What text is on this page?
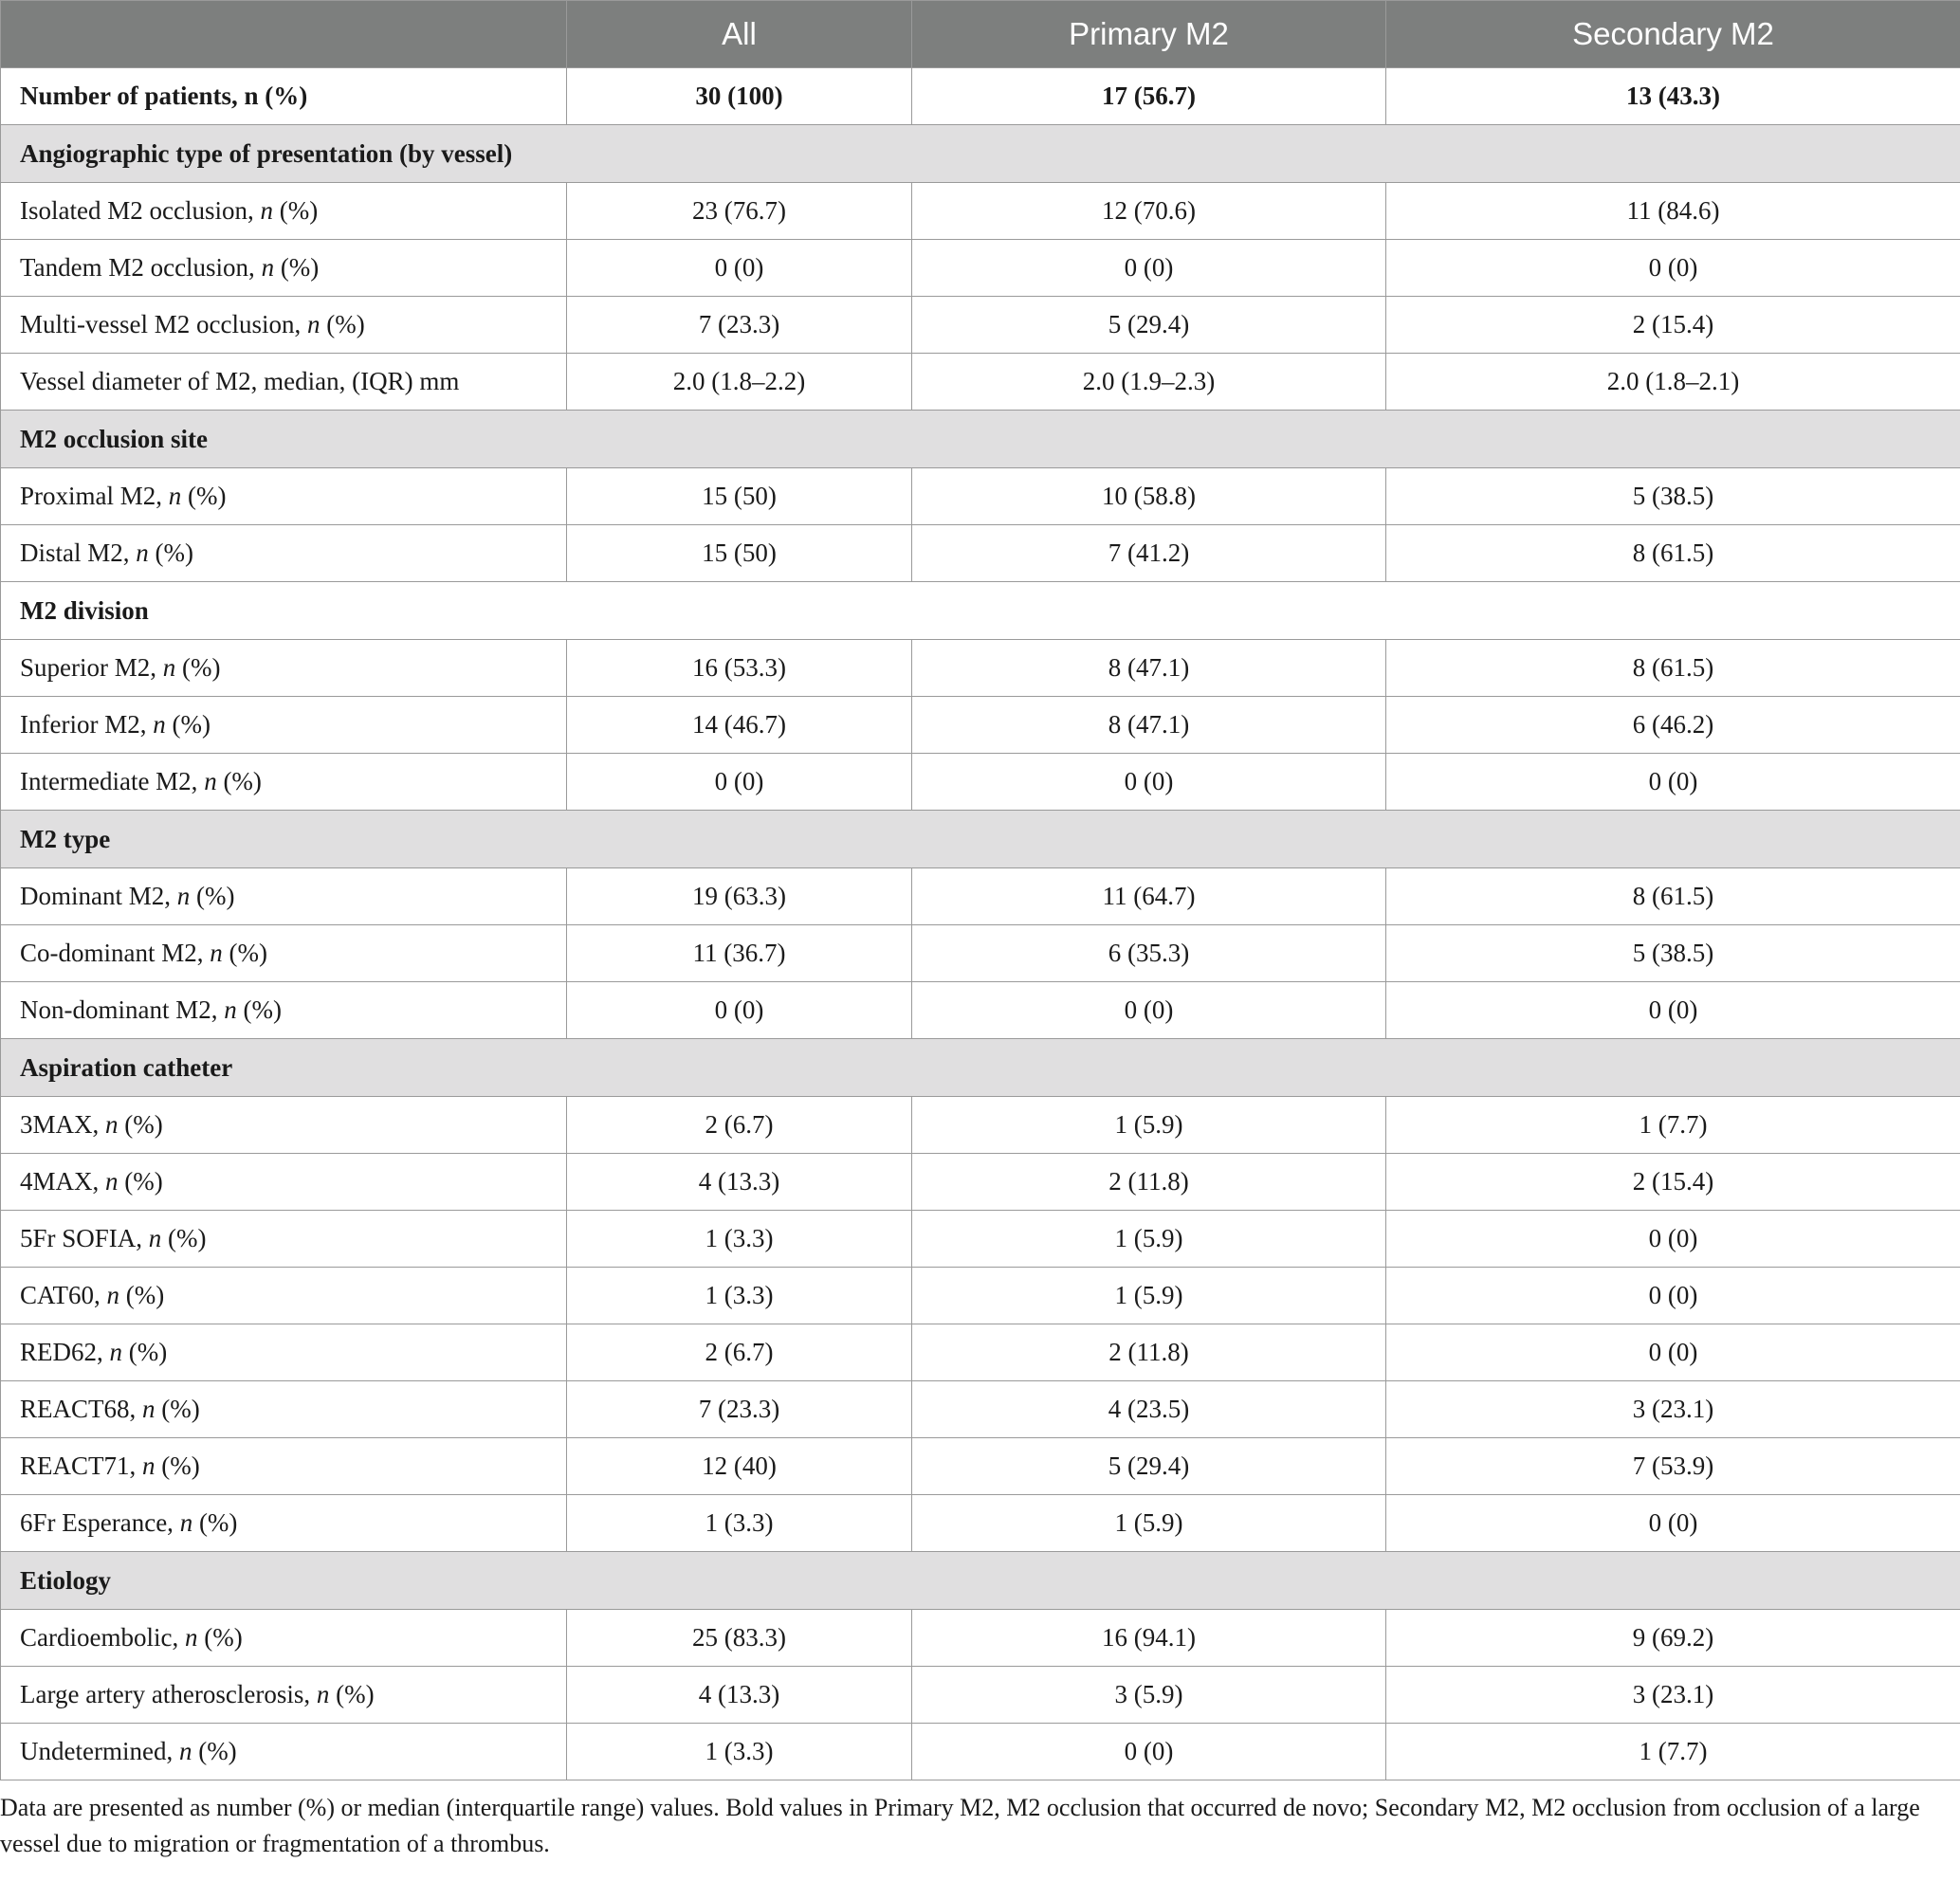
	All	Primary M2	Secondary M2
Number of patients, n (%)	30 (100)	17 (56.7)	13 (43.3)
Angiographic type of presentation (by vessel)			
Isolated M2 occlusion, n (%)	23 (76.7)	12 (70.6)	11 (84.6)
Tandem M2 occlusion, n (%)	0 (0)	0 (0)	0 (0)
Multi-vessel M2 occlusion, n (%)	7 (23.3)	5 (29.4)	2 (15.4)
Vessel diameter of M2, median, (IQR) mm	2.0 (1.8–2.2)	2.0 (1.9–2.3)	2.0 (1.8–2.1)
M2 occlusion site			
Proximal M2, n (%)	15 (50)	10 (58.8)	5 (38.5)
Distal M2, n (%)	15 (50)	7 (41.2)	8 (61.5)
M2 division			
Superior M2, n (%)	16 (53.3)	8 (47.1)	8 (61.5)
Inferior M2, n (%)	14 (46.7)	8 (47.1)	6 (46.2)
Intermediate M2, n (%)	0 (0)	0 (0)	0 (0)
M2 type			
Dominant M2, n (%)	19 (63.3)	11 (64.7)	8 (61.5)
Co-dominant M2, n (%)	11 (36.7)	6 (35.3)	5 (38.5)
Non-dominant M2, n (%)	0 (0)	0 (0)	0 (0)
Aspiration catheter			
3MAX, n (%)	2 (6.7)	1 (5.9)	1 (7.7)
4MAX, n (%)	4 (13.3)	2 (11.8)	2 (15.4)
5Fr SOFIA, n (%)	1 (3.3)	1 (5.9)	0 (0)
CAT60, n (%)	1 (3.3)	1 (5.9)	0 (0)
RED62, n (%)	2 (6.7)	2 (11.8)	0 (0)
REACT68, n (%)	7 (23.3)	4 (23.5)	3 (23.1)
REACT71, n (%)	12 (40)	5 (29.4)	7 (53.9)
6Fr Esperance, n (%)	1 (3.3)	1 (5.9)	0 (0)
Etiology			
Cardioembolic, n (%)	25 (83.3)	16 (94.1)	9 (69.2)
Large artery atherosclerosis, n (%)	4 (13.3)	3 (5.9)	3 (23.1)
Undetermined, n (%)	1 (3.3)	0 (0)	1 (7.7)
Data are presented as number (%) or median (interquartile range) values. Bold values in Primary M2, M2 occlusion that occurred de novo; Secondary M2, M2 occlusion from occlusion of a large vessel due to migration or fragmentation of a thrombus.
